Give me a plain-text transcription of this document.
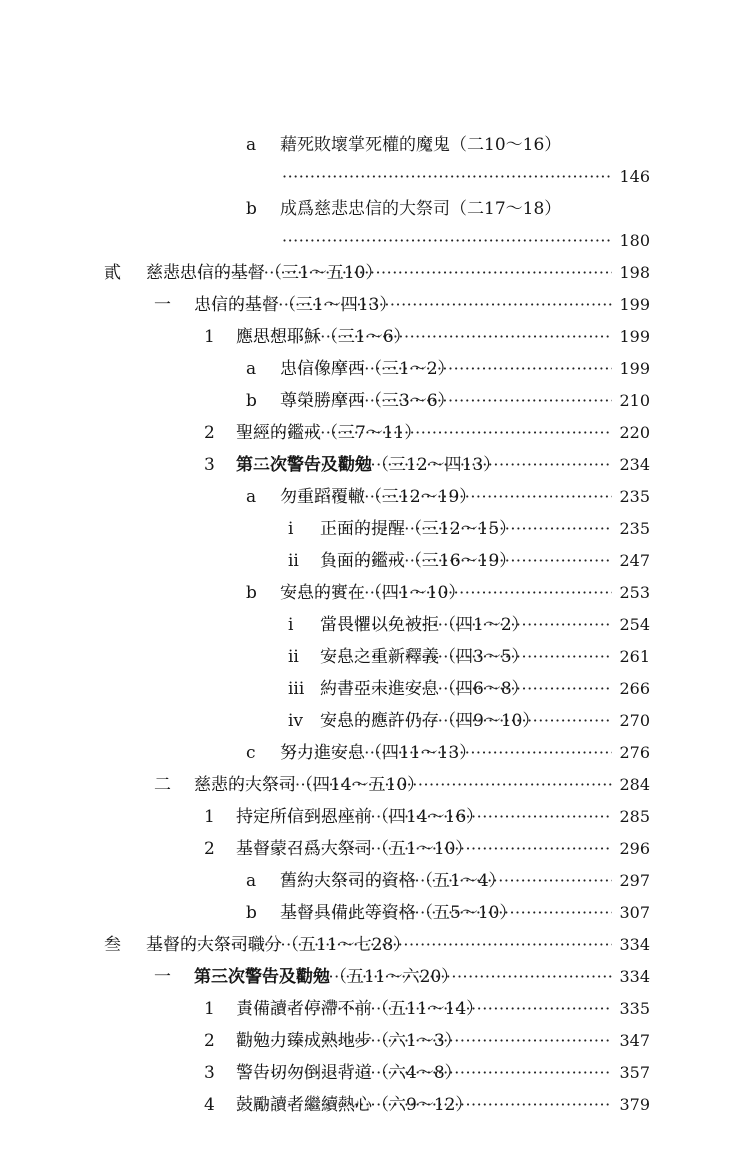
a 藉死敗壞掌死權的魔鬼（二10～16）
146
·····
b 成爲慈悲忠信的大祭司（二17～18）
180
·····
貳 慈悲忠信的基督（三1～五10）	198
·····
一 忠信的基督（三1～四13）	199
·····
1 應思想耶穌（三1～6）	199
·····
a 忠信像摩西（三1～2）	199
·····
b 尊榮勝摩西（三3～6）	210
·····
2 聖經的鑑戒（三7～11）	220
·····
3 第二次警告及勸勉（三12～四13）	234
·····
a 勿重蹈覆轍（三12～19）	235
·····
i 正面的提醒（三12～15）	235
·····
ii 負面的鑑戒（三16～19）	247
·····
b 安息的實在（四1～10）	253
·····
i 當畏懼以免被拒（四1～2）	254
·····
ii 安息之重新釋義（四3～5）	261
·····
iii 約書亞未進安息（四6～8）	266
·····
iv 安息的應許仍存（四9～10）	270
·····
c 努力進安息（四11～13）	276
·····
二 慈悲的大祭司（四14～五10）	284
·····
1 持定所信到恩座前（四14～16）	285
·····
2 基督蒙召爲大祭司（五1～10）	296
·····
a 舊約大祭司的資格（五1～4）	297
·····
b 基督具備此等資格（五5～10）	307
·····
叁 基督的大祭司職分（五11～七28）	334
·····
一 第三次警告及勸勉（五11～六20）	334
·····
1 責備讀者停滯不前（五11～14）	335
·····
2 勸勉力臻成熟地步（六1～3）	347
·····
3 警告切勿倒退背道（六4～8）	357
·····
4 鼓勵讀者繼續熱心（六9～12）	379
·····
